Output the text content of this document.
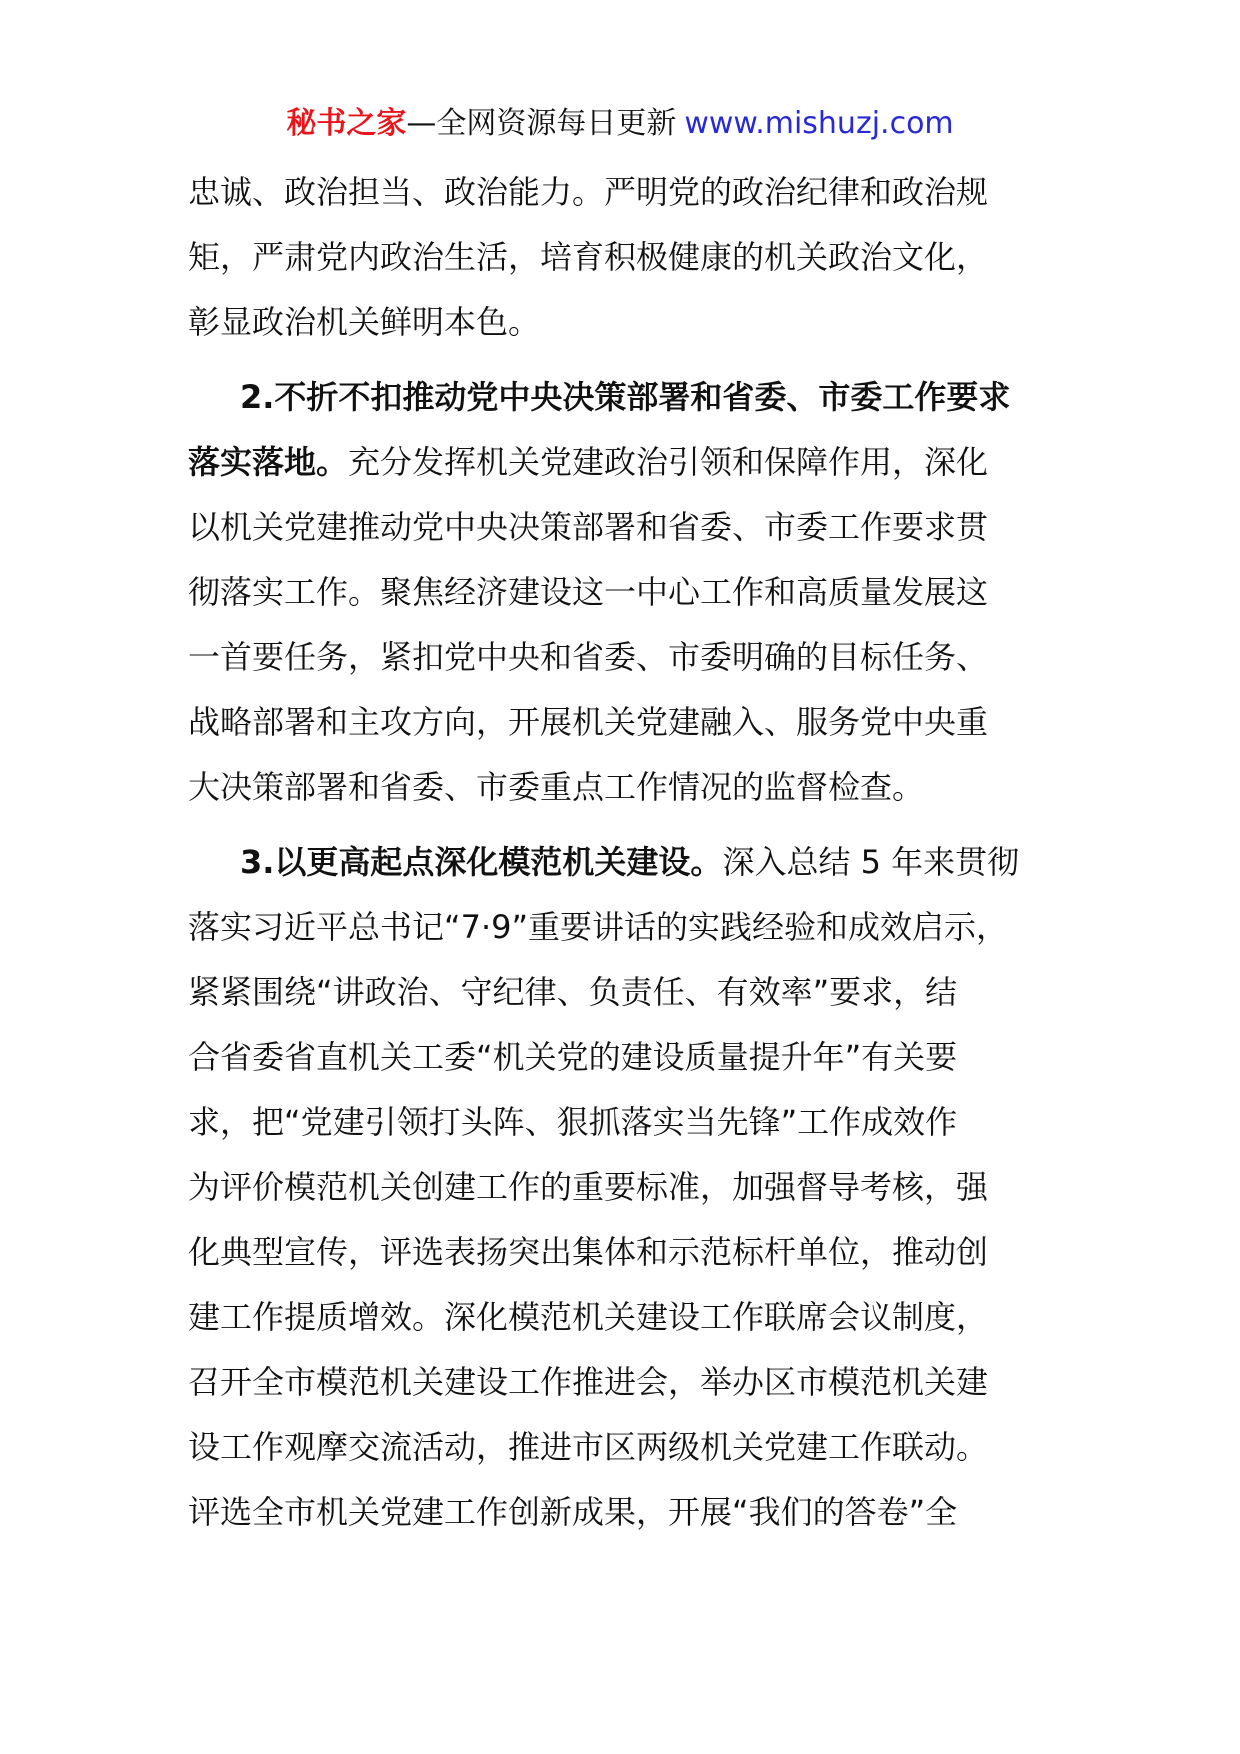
秘书之家—全网资源每日更新 www.mishuzj.com
忠诚、政治担当、政治能力。严明党的政治纪律和政治规
矩，严肃党内政治生活，培育积极健康的机关政治文化，
彰显政治机关鲜明本色。
2.不折不扣推动党中央决策部署和省委、市委工作要求
落实落地。充分发挥机关党建政治引领和保障作用，深化
以机关党建推动党中央决策部署和省委、市委工作要求贯
彻落实工作。聚焦经济建设这一中心工作和高质量发展这
一首要任务，紧扣党中央和省委、市委明确的目标任务、
战略部署和主攻方向，开展机关党建融入、服务党中央重
大决策部署和省委、市委重点工作情况的监督检查。
3.以更高起点深化模范机关建设。深入总结 5 年来贯彻
落实习近平总书记“7·9”重要讲话的实践经验和成效启示，
紧紧围绕“讲政治、守纪律、负责任、有效率”要求，结
合省委省直机关工委“机关党的建设质量提升年”有关要
求，把“党建引领打头阵、狠抓落实当先锋”工作成效作
为评价模范机关创建工作的重要标准，加强督导考核，强
化典型宣传，评选表扬突出集体和示范标杆单位，推动创
建工作提质增效。深化模范机关建设工作联席会议制度，
召开全市模范机关建设工作推进会，举办区市模范机关建
设工作观摩交流活动，推进市区两级机关党建工作联动。
评选全市机关党建工作创新成果，开展“我们的答卷”全
